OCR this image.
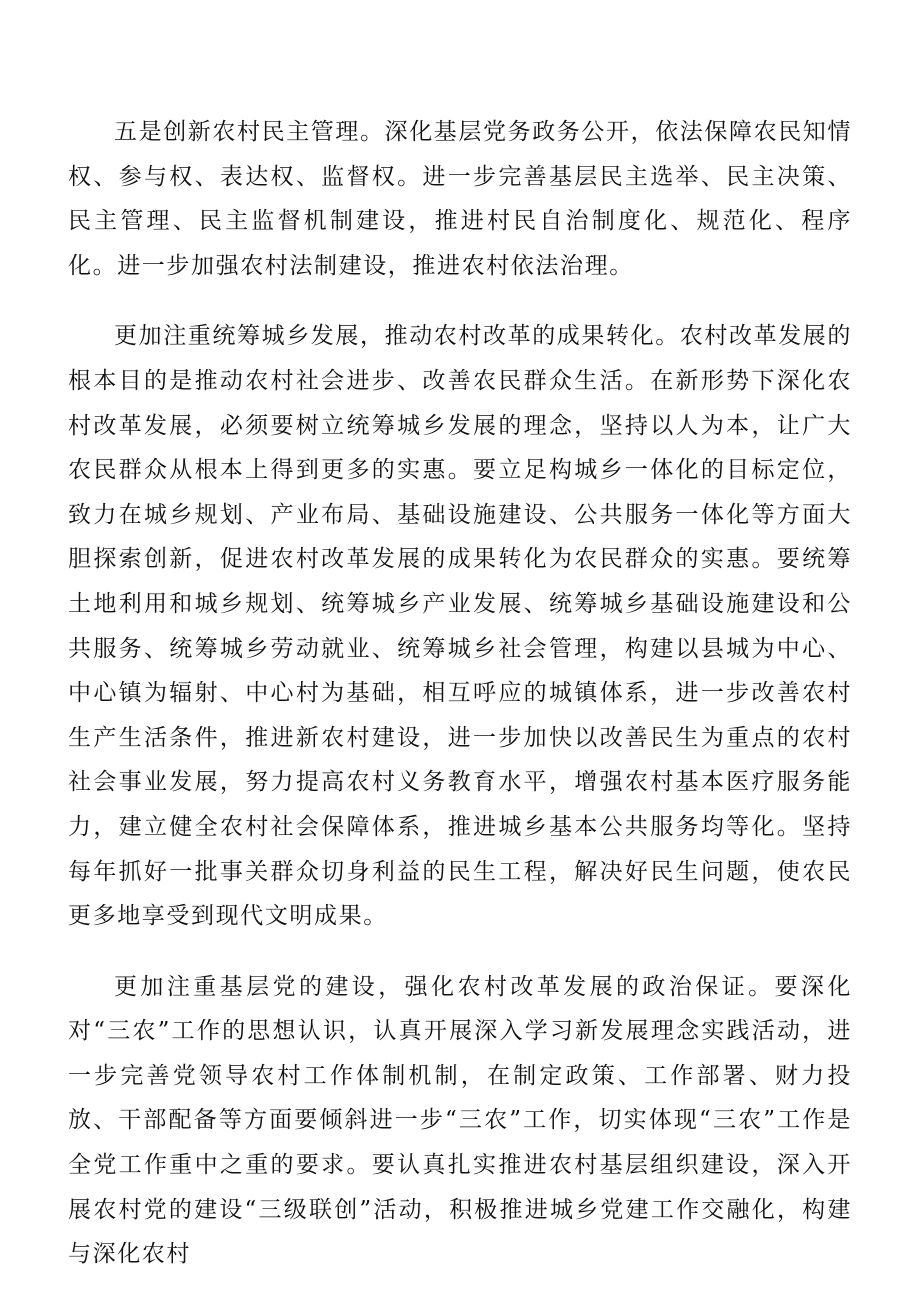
五是创新农村民主管理。深化基层党务政务公开，依法保障农民知情权、参与权、表达权、监督权。进一步完善基层民主选举、民主决策、民主管理、民主监督机制建设，推进村民自治制度化、规范化、程序化。进一步加强农村法制建设，推进农村依法治理。

更加注重统筹城乡发展，推动农村改革的成果转化。农村改革发展的根本目的是推动农村社会进步、改善农民群众生活。在新形势下深化农村改革发展，必须要树立统筹城乡发展的理念，坚持以人为本，让广大农民群众从根本上得到更多的实惠。要立足构城乡一体化的目标定位，致力在城乡规划、产业布局、基础设施建设、公共服务一体化等方面大胆探索创新，促进农村改革发展的成果转化为农民群众的实惠。要统筹土地利用和城乡规划、统筹城乡产业发展、统筹城乡基础设施建设和公共服务、统筹城乡劳动就业、统筹城乡社会管理，构建以县城为中心、中心镇为辐射、中心村为基础，相互呼应的城镇体系，进一步改善农村生产生活条件，推进新农村建设，进一步加快以改善民生为重点的农村社会事业发展，努力提高农村义务教育水平，增强农村基本医疗服务能力，建立健全农村社会保障体系，推进城乡基本公共服务均等化。坚持每年抓好一批事关群众切身利益的民生工程，解决好民生问题，使农民更多地享受到现代文明成果。

更加注重基层党的建设，强化农村改革发展的政治保证。要深化对“三农”工作的思想认识，认真开展深入学习新发展理念实践活动，进一步完善党领导农村工作体制机制，在制定政策、工作部署、财力投放、干部配备等方面要倾斜进一步“三农”工作，切实体现“三农”工作是全党工作重中之重的要求。要认真扎实推进农村基层组织建设，深入开展农村党的建设“三级联创”活动，积极推进城乡党建工作交融化，构建与深化农村
